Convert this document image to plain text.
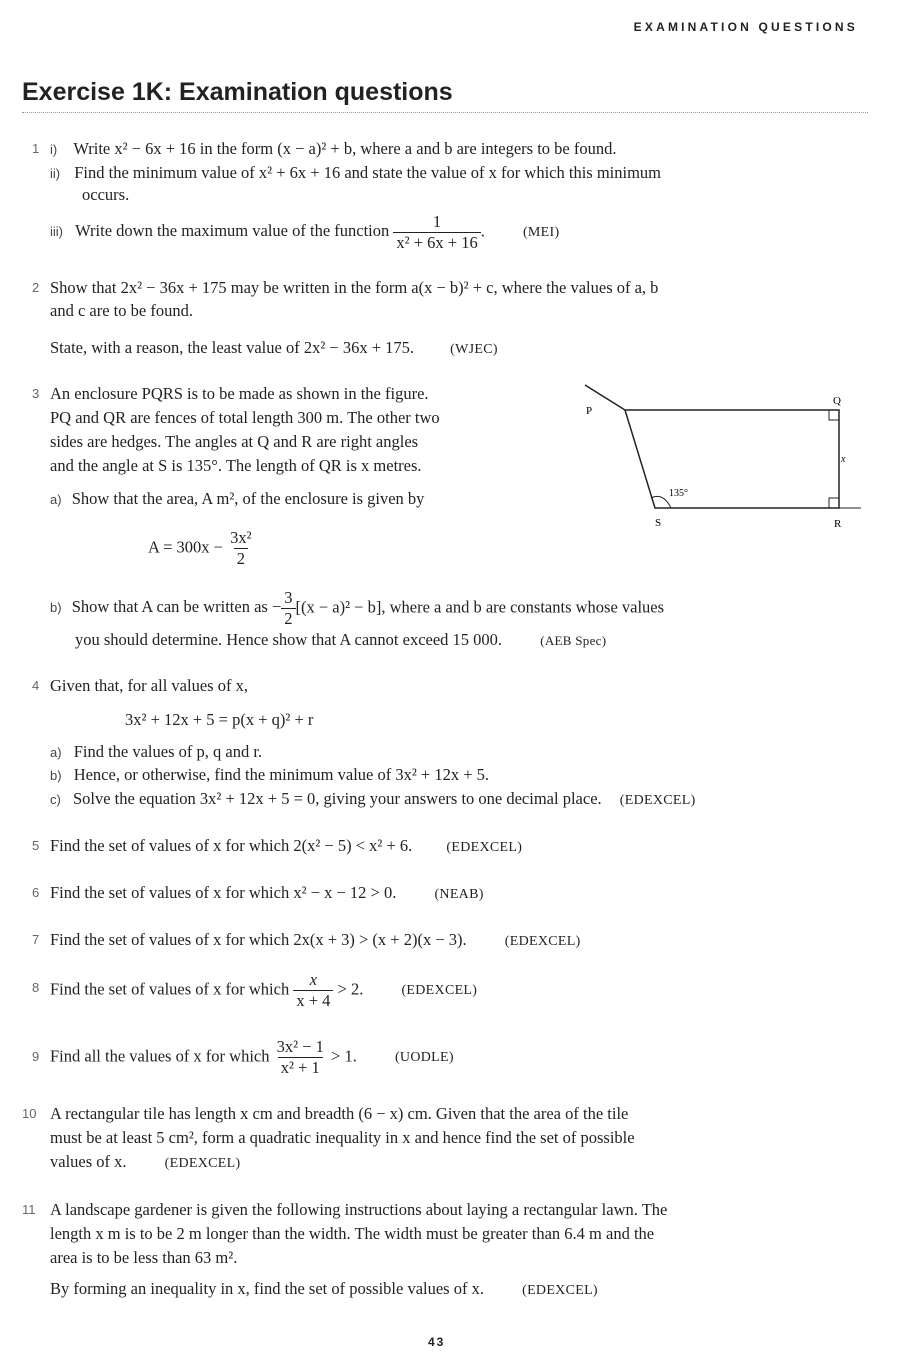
EXAMINATION QUESTIONS
Exercise 1K: Examination questions
1 i) Write x² − 6x + 16 in the form (x − a)² + b, where a and b are integers to be found.
ii) Find the minimum value of x² + 6x + 16 and state the value of x for which this minimum
occurs.
iii) Write down the maximum value of the function $\frac{1}{\text{x² + 6x + 16}}$ .	(MEI)
2 Show that 2x² − 36x + 175 may be written in the form a(x − b)² + c, where the values of a, b
and c are to be found.
State, with a reason, the least value of 2x² − 36x + 175.	(WJEC)
3 An enclosure PQRS is to be made as shown in the figure.
PQ and QR are fences of total length 300 m. The other two
sides are hedges. The angles at Q and R are right angles
and the angle at S is 135°. The length of QR is x metres.
a) Show that the area, A m², of the enclosure is given by
$A = 300x - \frac{\text{3x²}}{2}$
b) Show that A can be written as − $\frac{3}{2} [(x - a)^2 - b]$, where a and b are constants whose values
you should determine. Hence show that A cannot exceed 15 000.	(AEB Spec)
P
Q
R
S
x
135°
4 Given that, for all values of x,
3x² + 12x + 5 = p(x + q)² + r
a) Find the values of p, q and r.
b) Hence, or otherwise, find the minimum value of 3x² + 12x + 5.
c) Solve the equation 3x² + 12x + 5 = 0, giving your answers to one decimal place. (EDEXCEL)
5 Find the set of values of x for which 2(x² − 5) < x² + 6. (EDEXCEL)
6 Find the set of values of x for which x² − x − 12 > 0.	(NEAB)
7 Find the set of values of x for which 2x(x + 3) > (x + 2)(x − 3).	(EDEXCEL)
8 Find the set of values of x for which $\frac{x}{x + 4} > 2$.	(EDEXCEL)
9 Find all the values of x for which $\frac{\text{3x² − 1}}{\text{x² + 1}} > 1$.	(UODLE)
10 A rectangular tile has length x cm and breadth (6 − x) cm. Given that the area of the tile
must be at least 5 cm², form a quadratic inequality in x and hence find the set of possible
values of x.	(EDEXCEL)
11 A landscape gardener is given the following instructions about laying a rectangular lawn. The
length x m is to be 2 m longer than the width. The width must be greater than 6.4 m and the
area is to be less than 63 m².
By forming an inequality in x, find the set of possible values of x.	(EDEXCEL)
43
